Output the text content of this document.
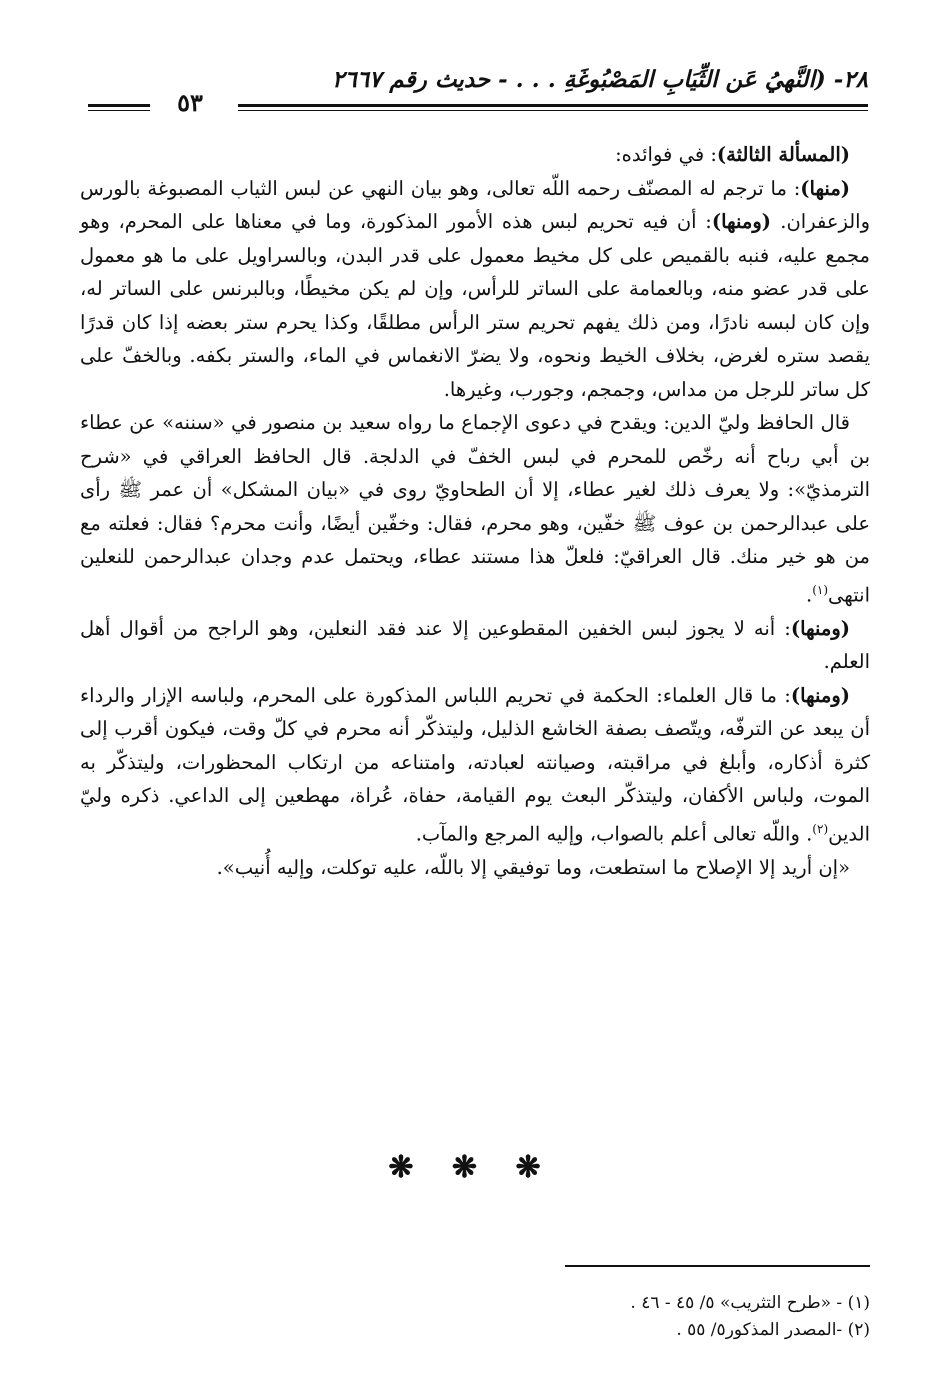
٢٨- (النَّهيُ عَن الثِّيَابِ المَصْبُوغَةِ . . . - حديث رقم ٢٦٦٧
٥٣

(المسألة الثالثة): في فوائده:

(منها): ما ترجم له المصنّف رحمه اللّه تعالى، وهو بيان النهي عن لبس الثياب المصبوغة بالورس والزعفران. (ومنها): أن فيه تحريم لبس هذه الأمور المذكورة، وما في معناها على المحرم، وهو مجمع عليه، فنبه بالقميص على كل مخيط معمول على قدر البدن، وبالسراويل على ما هو معمول على قدر عضو منه، وبالعمامة على الساتر للرأس، وإن لم يكن مخيطًا، وبالبرنس على الساتر له، وإن كان لبسه نادرًا، ومن ذلك يفهم تحريم ستر الرأس مطلقًا، وكذا يحرم ستر بعضه إذا كان قدرًا يقصد ستره لغرض، بخلاف الخيط ونحوه، ولا يضرّ الانغماس في الماء، والستر بكفه. وبالخفّ على كل ساتر للرجل من مداس، وجمجم، وجورب، وغيرها.

قال الحافظ وليّ الدين: ويقدح في دعوى الإجماع ما رواه سعيد بن منصور في «سننه» عن عطاء بن أبي رباح أنه رخّص للمحرم في لبس الخفّ في الدلجة. قال الحافظ العراقي في «شرح الترمذيّ»: ولا يعرف ذلك لغير عطاء، إلا أن الطحاويّ روى في «بيان المشكل» أن عمر ﷺ رأى على عبدالرحمن بن عوف ﷺ خفّين، وهو محرم، فقال: وخفّين أيضًا، وأنت محرم؟ فقال: فعلته مع من هو خير منك. قال العراقيّ: فلعلّ هذا مستند عطاء، ويحتمل عدم وجدان عبدالرحمن للنعلين انتهى$^{(١)}$.

(ومنها): أنه لا يجوز لبس الخفين المقطوعين إلا عند فقد النعلين، وهو الراجح من أقوال أهل العلم.

(ومنها): ما قال العلماء: الحكمة في تحريم اللباس المذكورة على المحرم، ولباسه الإزار والرداء أن يبعد عن الترفّه، ويتّصف بصفة الخاشع الذليل، وليتذكّر أنه محرم في كلّ وقت، فيكون أقرب إلى كثرة أذكاره، وأبلغ في مراقبته، وصيانته لعبادته، وامتناعه من ارتكاب المحظورات، وليتذكّر به الموت، ولباس الأكفان، وليتذكّر البعث يوم القيامة، حفاة، عُراة، مهطعين إلى الداعي. ذكره وليّ الدين$^{(٢)}$. واللّه تعالى أعلم بالصواب، وإليه المرجع والمآب.

«إن أريد إلا الإصلاح ما استطعت، وما توفيقي إلا باللّه، عليه توكلت، وإليه أُنيب».

❋ ❋ ❋
(١) - «طرح التثريب» ٥/ ٤٥ - ٤٦ .
(٢) -المصدر المذكور٥/ ٥٥ .
